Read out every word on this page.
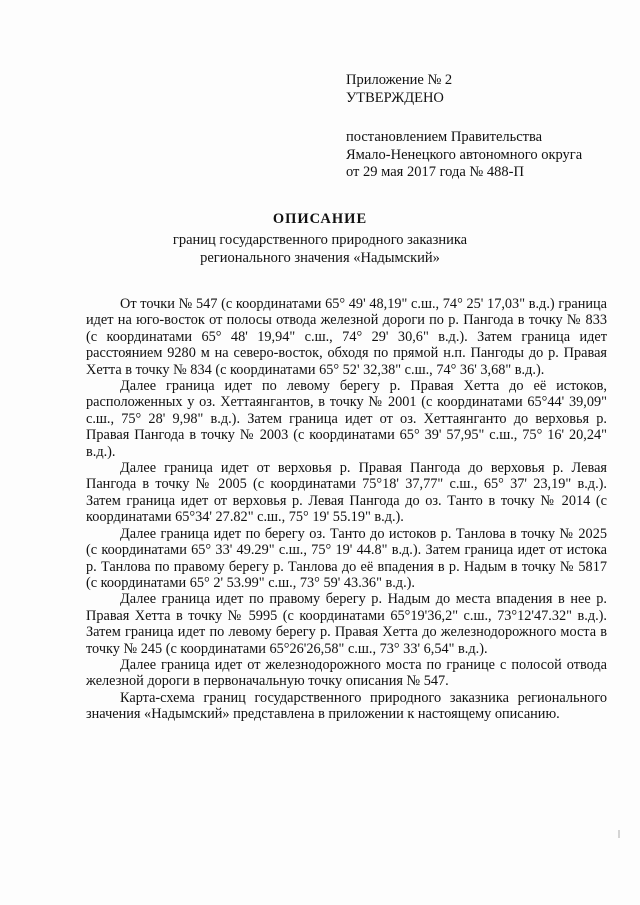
Приложение № 2
УТВЕРЖДЕНО
постановлением Правительства
Ямало-Ненецкого автономного округа
от 29 мая 2017 года № 488-П
ОПИСАНИЕ
границ государственного природного заказника
регионального значения «Надымский»

От точки № 547 (с координатами 65° 49' 48,19" с.ш., 74° 25' 17,03" в.д.) граница идет на юго-восток от полосы отвода железной дороги по р. Пангода в точку № 833 (с координатами 65° 48' 19,94" с.ш., 74° 29' 30,6" в.д.). Затем граница идет расстоянием 9280 м на северо-восток, обходя по прямой н.п. Пангоды до р. Правая Хетта в точку № 834 (с координатами 65° 52' 32,38" с.ш., 74° 36' 3,68" в.д.).

Далее граница идет по левому берегу р. Правая Хетта до её истоков, расположенных у оз. Хеттаянгантов, в точку № 2001 (с координатами 65°44' 39,09" с.ш., 75° 28' 9,98" в.д.). Затем граница идет от оз. Хеттаянганто до верховья р. Правая Пангода в точку № 2003 (с координатами 65° 39' 57,95" с.ш., 75° 16' 20,24" в.д.).

Далее граница идет от верховья р. Правая Пангода до верховья р. Левая Пангода в точку № 2005 (с координатами 75°18' 37,77" с.ш., 65° 37' 23,19" в.д.). Затем граница идет от верховья р. Левая Пангода до оз. Танто в точку № 2014 (с координатами 65°34' 27.82" с.ш., 75° 19' 55.19" в.д.).

Далее граница идет по берегу оз. Танто до истоков р. Танлова в точку № 2025 (с координатами 65° 33' 49.29" с.ш., 75° 19' 44.8" в.д.). Затем граница идет от истока р. Танлова по правому берегу р. Танлова до её впадения в р. Надым в точку № 5817 (с координатами 65° 2' 53.99" с.ш., 73° 59' 43.36" в.д.).

Далее граница идет по правому берегу р. Надым до места впадения в нее р. Правая Хетта в точку № 5995 (с координатами 65°19'36,2" с.ш., 73°12'47.32" в.д.). Затем граница идет по левому берегу р. Правая Хетта до железнодорожного моста в точку № 245 (с координатами 65°26'26,58" с.ш., 73° 33' 6,54" в.д.).

Далее граница идет от железнодорожного моста по границе с полосой отвода железной дороги в первоначальную точку описания № 547.

Карта-схема границ государственного природного заказника регионального значения «Надымский» представлена в приложении к настоящему описанию.
